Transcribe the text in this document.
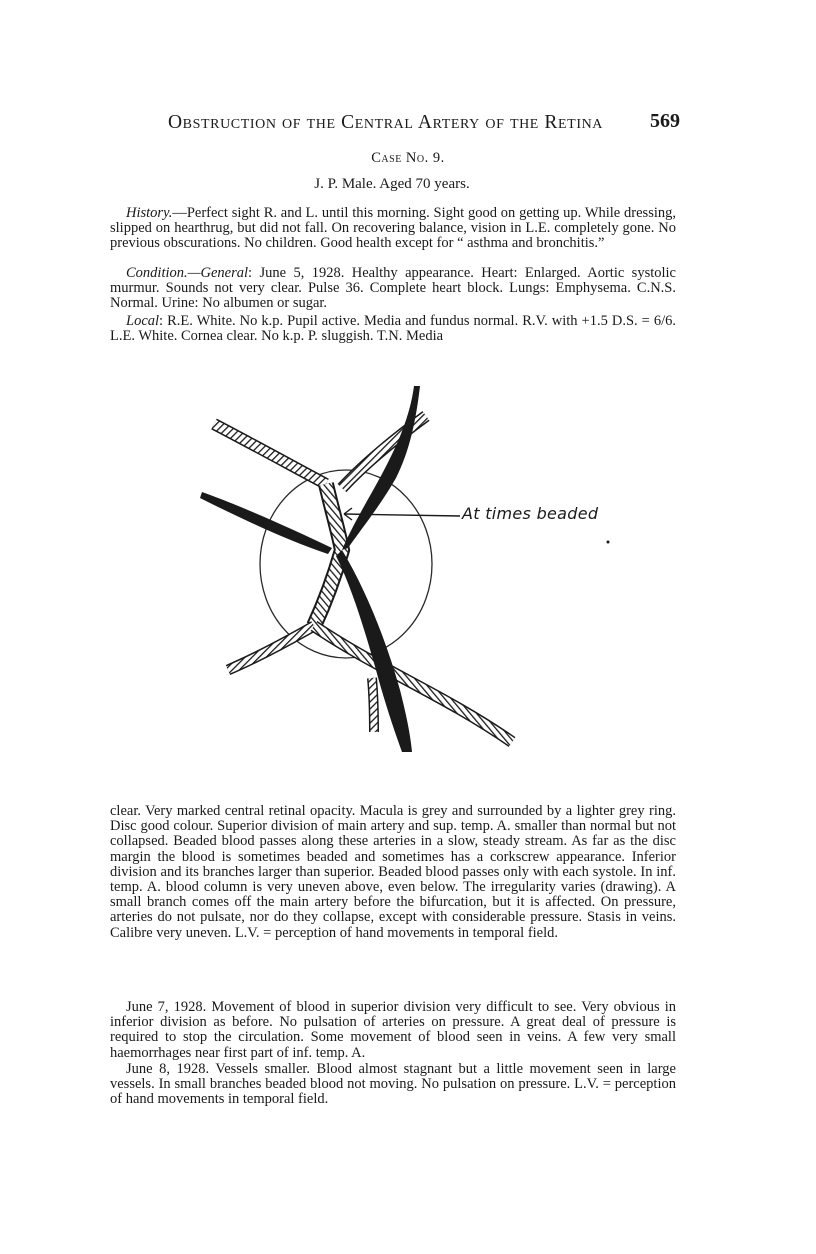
Obstruction of the Central Artery of the Retina 569
Case No. 9.
J. P. Male. Aged 70 years.

History.—Perfect sight R. and L. until this morning. Sight good on getting up. While dressing, slipped on hearthrug, but did not fall. On recovering balance, vision in L.E. completely gone. No previous obscurations. No children. Good health except for “ asthma and bronchitis.”

Condition.—General: June 5, 1928. Healthy appearance. Heart: Enlarged. Aortic systolic murmur. Sounds not very clear. Pulse 36. Complete heart block. Lungs: Emphysema. C.N.S. Normal. Urine: No albumen or sugar.

Local: R.E. White. No k.p. Pupil active. Media and fundus normal. R.V. with +1.5 D.S. = 6/6. L.E. White. Cornea clear. No k.p. P. sluggish. T.N. Media

At times beaded

clear. Very marked central retinal opacity. Macula is grey and surrounded by a lighter grey ring. Disc good colour. Superior division of main artery and sup. temp. A. smaller than normal but not collapsed. Beaded blood passes along these arteries in a slow, steady stream. As far as the disc margin the blood is sometimes beaded and sometimes has a corkscrew appearance. Inferior division and its branches larger than superior. Beaded blood passes only with each systole. In inf. temp. A. blood column is very uneven above, even below. The irregularity varies (drawing). A small branch comes off the main artery before the bifurcation, but it is affected. On pressure, arteries do not pulsate, nor do they collapse, except with considerable pressure. Stasis in veins. Calibre very uneven. L.V. = perception of hand movements in temporal field.

June 7, 1928. Movement of blood in superior division very difficult to see. Very obvious in inferior division as before. No pulsation of arteries on pressure. A great deal of pressure is required to stop the circulation. Some movement of blood seen in veins. A few very small haemorrhages near first part of inf. temp. A.

June 8, 1928. Vessels smaller. Blood almost stagnant but a little movement seen in large vessels. In small branches beaded blood not moving. No pulsation on pressure. L.V. = perception of hand movements in temporal field.
